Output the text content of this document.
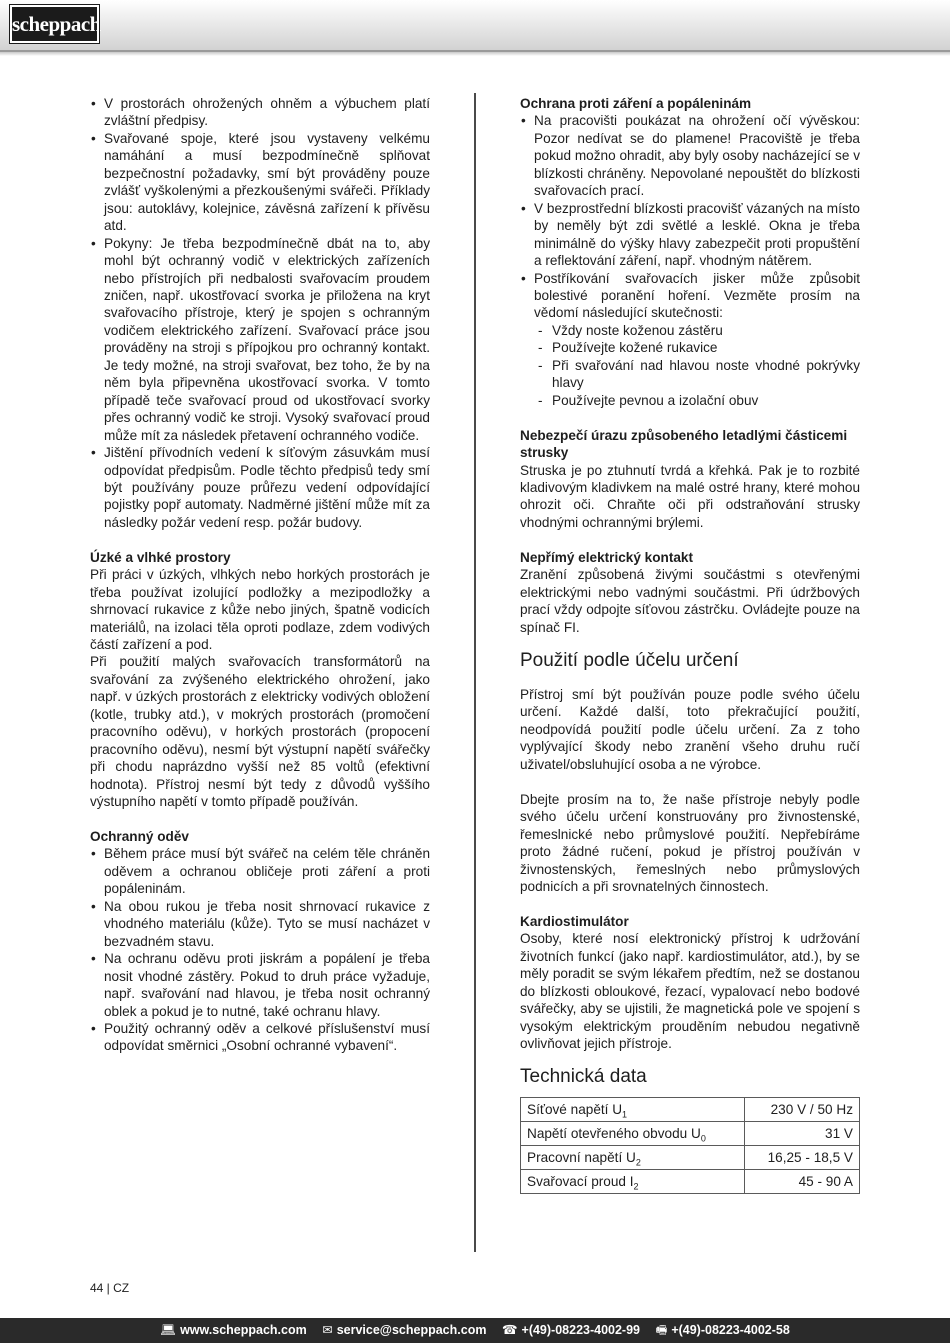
scheppach
• V prostorách ohrožených ohněm a výbuchem platí zvláštní předpisy.
• Svařované spoje, které jsou vystaveny velkému namáhání a musí bezpodmínečně splňovat bezpečnostní požadavky, smí být prováděny pouze zvlášť vyškolenými a přezkoušenými svářeči. Příklady jsou: autoklávy, kolejnice, závěsná zařízení k přívěsu atd.
• Pokyny: Je třeba bezpodmínečně dbát na to, aby mohl být ochranný vodič v elektrických zařízeních nebo přístrojích při nedbalosti svařovacím proudem zničen, např. ukostřovací svorka je přiložena na kryt svařovacího přístroje, který je spojen s ochranným vodičem elektrického zařízení. Svařovací práce jsou prováděny na stroji s přípojkou pro ochranný kontakt. Je tedy možné, na stroji svařovat, bez toho, že by na něm byla připevněna ukostřovací svorka. V tomto případě teče svařovací proud od ukostřovací svorky přes ochranný vodič ke stroji. Vysoký svařovací proud může mít za následek přetavení ochranného vodiče.
• Jištění přívodních vedení k síťovým zásuvkám musí odpovídat předpisům. Podle těchto předpisů tedy smí být používány pouze průřezu vedení odpovídající pojistky popř automaty. Nadměrné jištění může mít za následky požár vedení resp. požár budovy.
Úzké a vlhké prostory

Při práci v úzkých, vlhkých nebo horkých prostorách je třeba používat izolující podložky a mezipodložky a shrnovací rukavice z kůže nebo jiných, špatně vodicích materiálů, na izolaci těla oproti podlaze, zdem vodivých částí zařízení a pod.

Při použití malých svařovacích transformátorů na svařování za zvýšeného elektrického ohrožení, jako např. v úzkých prostorách z elektricky vodivých obložení (kotle, trubky atd.), v mokrých prostorách (promočení pracovního oděvu), v horkých prostorách (propocení pracovního oděvu), nesmí být výstupní napětí svářečky při chodu naprázdno vyšší než 85 voltů (efektivní hodnota). Přístroj nesmí být tedy z důvodů vyššího výstupního napětí v tomto případě používán.

Ochranný oděv
• Během práce musí být svářeč na celém těle chráněn oděvem a ochranou obličeje proti záření a proti popáleninám.
• Na obou rukou je třeba nosit shrnovací rukavice z vhodného materiálu (kůže). Tyto se musí nacházet v bezvadném stavu.
• Na ochranu oděvu proti jiskrám a popálení je třeba nosit vhodné zástěry. Pokud to druh práce vyžaduje, např. svařování nad hlavou, je třeba nosit ochranný oblek a pokud je to nutné, také ochranu hlavy.
• Použitý ochranný oděv a celkové příslušenství musí odpovídat směrnici „Osobní ochranné vybavení“.
Ochrana proti záření a popáleninám
• Na pracovišti poukázat na ohrožení očí vývěskou: Pozor nedívat se do plamene! Pracoviště je třeba pokud možno ohradit, aby byly osoby nacházející se v blízkosti chráněny. Nepovolané nepouštět do blízkosti svařovacích prací.
• V bezprostřední blízkosti pracovišť vázaných na místo by neměly být zdi světlé a lesklé. Okna je třeba minimálně do výšky hlavy zabezpečit proti propuštění a reflektování záření, např. vhodným nátěrem.
• Postříkování svařovacích jisker může způsobit bolestivé poranění hoření. Vezměte prosím na vědomí následující skutečnosti:
- Vždy noste koženou zástěru
- Používejte kožené rukavice
- Při svařování nad hlavou noste vhodné pokrývky hlavy
- Používejte pevnou a izolační obuv
Nebezpečí úrazu způsobeného letadlými částicemi strusky

Struska je po ztuhnutí tvrdá a křehká. Pak je to rozbité kladivovým kladivkem na malé ostré hrany, které mohou ohrozit oči. Chraňte oči při odstraňování strusky vhodnými ochrannými brýlemi.

Nepřímý elektrický kontakt

Zranění způsobená živými součástmi s otevřenými elektrickými nebo vadnými součástmi. Při údržbových prací vždy odpojte síťovou zástrčku. Ovládejte pouze na spínač FI.

Použití podle účelu určení

Přístroj smí být používán pouze podle svého účelu určení. Každé další, toto překračující použití, neodpovídá použití podle účelu určení. Za z toho vyplývající škody nebo zranění všeho druhu ručí uživatel/obsluhující osoba a ne výrobce.

Dbejte prosím na to, že naše přístroje nebyly podle svého účelu určení konstruovány pro živnostenské, řemeslnické nebo průmyslové použití. Nepřebíráme proto žádné ručení, pokud je přístroj používán v živnostenských, řemeslných nebo průmyslových podnicích a při srovnatelných činnostech.

Kardiostimulátor

Osoby, které nosí elektronický přístroj k udržování životních funkcí (jako např. kardiostimulátor, atd.), by se měly poradit se svým lékařem předtím, než se dostanou do blízkosti obloukové, řezací, vypalovací nebo bodové svářečky, aby se ujistili, že magnetická pole ve spojení s vysokým elektrickým prouděním nebudou negativně ovlivňovat jejich přístroje.

Technická data
Síťové napětí $U_1$	230 V / 50 Hz
Napětí otevřeného obvodu $U_0$	31 V
Pracovní napětí $U_2$	16,25 - 18,5 V
Svařovací proud $I_2$	45 - 90 A
44 | CZ
💻︎ www.scheppach.com ✉︎ service@scheppach.com ☎︎ +(49)-08223-4002-99 🖷︎ +(49)-08223-4002-58
